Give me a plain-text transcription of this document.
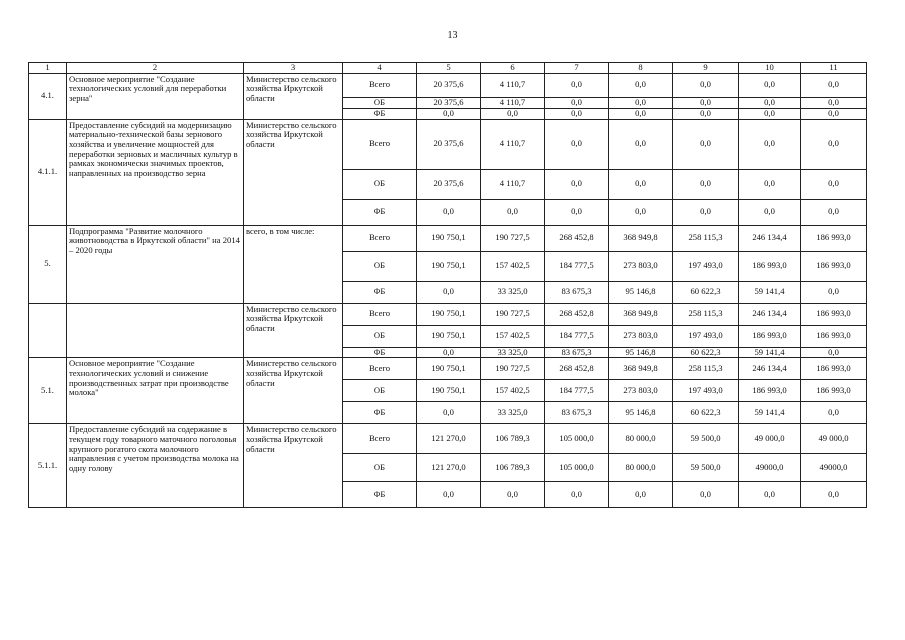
13
1	2	3	4	5	6	7	8	9	10	11
4.1.	Основное мероприятие "Создание технологических условий для переработки зерна"	Министерство сельского хозяйства Иркутской области	Всего	20 375,6	4 110,7	0,0	0,0	0,0	0,0	0,0
			ОБ	20 375,6	4 110,7	0,0	0,0	0,0	0,0	0,0
			ФБ	0,0	0,0	0,0	0,0	0,0	0,0	0,0
4.1.1.	Предоставление субсидий на модернизацию материально-технической базы зернового хозяйства и увеличение мощностей для переработки зерновых и масличных культур в рамках экономически значимых проектов, направленных на производство зерна	Министерство сельского хозяйства Иркутской области	Всего	20 375,6	4 110,7	0,0	0,0	0,0	0,0	0,0
			ОБ	20 375,6	4 110,7	0,0	0,0	0,0	0,0	0,0
			ФБ	0,0	0,0	0,0	0,0	0,0	0,0	0,0
5.	Подпрограмма "Развитие молочного животноводства в Иркутской области" на 2014 – 2020 годы	всего, в том числе:	Всего	190 750,1	190 727,5	268 452,8	368 949,8	258 115,3	246 134,4	186 993,0
			ОБ	190 750,1	157 402,5	184 777,5	273 803,0	197 493,0	186 993,0	186 993,0
			ФБ	0,0	33 325,0	83 675,3	95 146,8	60 622,3	59 141,4	0,0
		Министерство сельского хозяйства Иркутской области	Всего	190 750,1	190 727,5	268 452,8	368 949,8	258 115,3	246 134,4	186 993,0
			ОБ	190 750,1	157 402,5	184 777,5	273 803,0	197 493,0	186 993,0	186 993,0
			ФБ	0,0	33 325,0	83 675,3	95 146,8	60 622,3	59 141,4	0,0
5.1.	Основное мероприятие "Создание технологических условий и снижение производственных затрат при производстве молока"	Министерство сельского хозяйства Иркутской области	Всего	190 750,1	190 727,5	268 452,8	368 949,8	258 115,3	246 134,4	186 993,0
			ОБ	190 750,1	157 402,5	184 777,5	273 803,0	197 493,0	186 993,0	186 993,0
			ФБ	0,0	33 325,0	83 675,3	95 146,8	60 622,3	59 141,4	0,0
5.1.1.	Предоставление субсидий на содержание в текущем году товарного маточного поголовья крупного рогатого скота молочного направления с учетом производства молока на одну голову	Министерство сельского хозяйства Иркутской области	Всего	121 270,0	106 789,3	105 000,0	80 000,0	59 500,0	49 000,0	49 000,0
			ОБ	121 270,0	106 789,3	105 000,0	80 000,0	59 500,0	49000,0	49000,0
			ФБ	0,0	0,0	0,0	0,0	0,0	0,0	0,0
